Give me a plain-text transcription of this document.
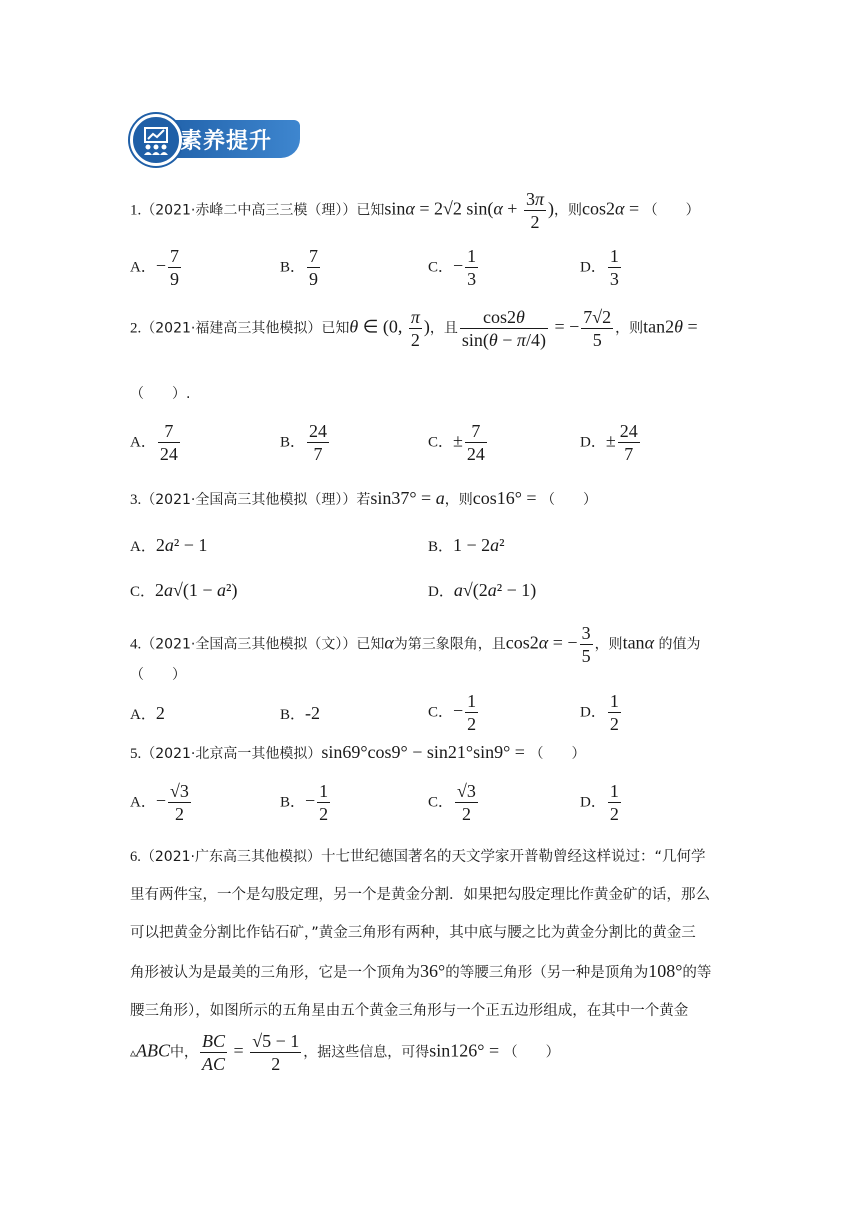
素养提升
1.（2021·赤峰二中高三三模（理））已知sinα = 2√2 $\sin(\alpha + \frac{3\pi}{2}$ )，则cos2α = （　　）
A．− $\frac{7}{9}$	B． $\frac{7}{9}$	C．− $\frac{1}{3}$	D． $\frac{1}{3}$
2.（2021·福建高三其他模拟）已知θ ∈ (0, $\frac{\pi}{2}$ )，且 $\frac{\cos 2\theta}{\sin(\theta - \pi/4)}$ = − $\frac{7√2}{5}$ ，则tan2θ =
（　　）.
A． $\frac{7}{24}$	B． $\frac{24}{7}$	C．± $\frac{7}{24}$	D．± $\frac{24}{7}$
3.（2021·全国高三其他模拟（理））若sin37° = a，则cos16° = （　　）
A．2a² − 1	B．1 − 2a²
C．2a√(1 − a²)	D．a√(2a² − 1)
4.（2021·全国高三其他模拟（文））已知α为第三象限角，且cos2α = − $\frac{3}{5}$ ，则tanα 的值为
（　　）
A．2	B．-2	C．− $\frac{1}{2}$	D． $\frac{1}{2}$
5.（2021·北京高一其他模拟）sin69°cos9° − sin21°sin9° = （　　）
A．− $\frac{√3}{2}$	B．− $\frac{1}{2}$	C． $\frac{√3}{2}$	D． $\frac{1}{2}$

6.（2021·广东高三其他模拟）十七世纪德国著名的天文学家开普勒曾经这样说过：“几何学

里有两件宝，一个是勾股定理，另一个是黄金分割．如果把勾股定理比作黄金矿的话，那么

可以把黄金分割比作钻石矿，”黄金三角形有两种，其中底与腰之比为黄金分割比的黄金三

角形被认为是最美的三角形，它是一个顶角为36°的等腰三角形（另一种是顶角为108°的等

腰三角形），如图所示的五角星由五个黄金三角形与一个正五边形组成，在其中一个黄金

▵ABC中， $\frac{BC}{AC} = \frac{√5 - 1}{2}$ ，据这些信息，可得sin126° = （　　）
